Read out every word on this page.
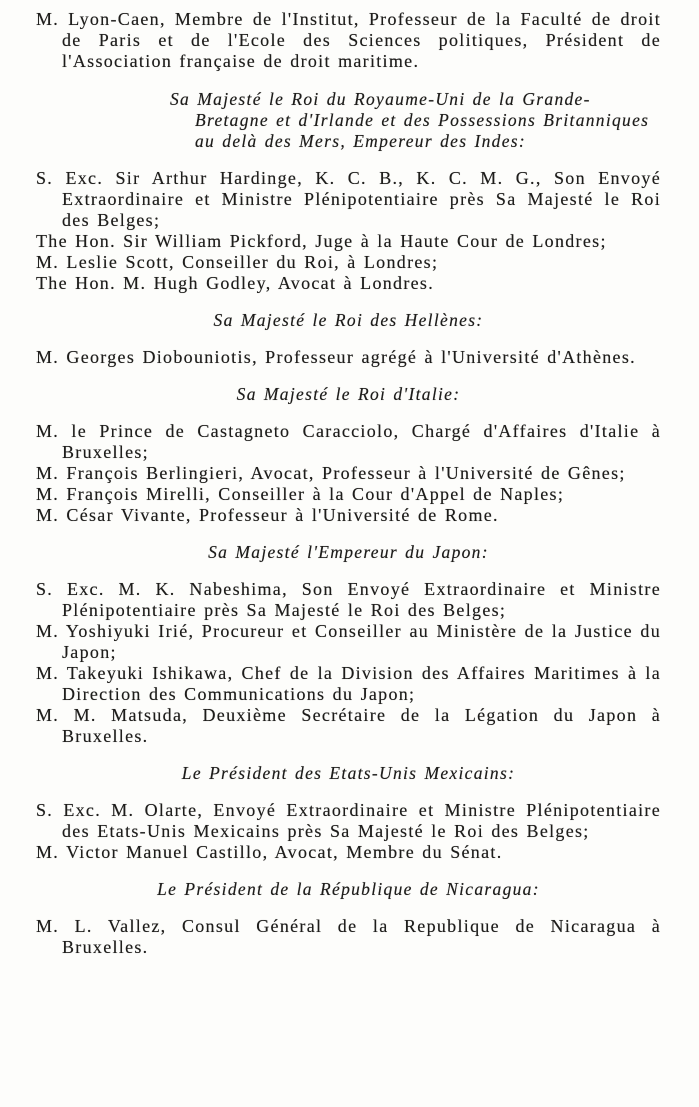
M. Lyon-Caen, Membre de l'Institut, Professeur de la Faculté de droit de Paris et de l'Ecole des Sciences politiques, Président de l'Association française de droit maritime.

Sa Majesté le Roi du Royaume-Uni de la Grande-Bretagne et d'Irlande et des Possessions Britanniques au delà des Mers, Empereur des Indes:

S. Exc. Sir Arthur Hardinge, K. C. B., K. C. M. G., Son Envoyé Extraordinaire et Ministre Plénipotentiaire près Sa Majesté le Roi des Belges;

The Hon. Sir William Pickford, Juge à la Haute Cour de Londres;

M. Leslie Scott, Conseiller du Roi, à Londres;

The Hon. M. Hugh Godley, Avocat à Londres.

Sa Majesté le Roi des Hellènes:

M. Georges Diobouniotis, Professeur agrégé à l'Université d'Athènes.

Sa Majesté le Roi d'Italie:

M. le Prince de Castagneto Caracciolo, Chargé d'Affaires d'Italie à Bruxelles;

M. François Berlingieri, Avocat, Professeur à l'Université de Gênes;

M. François Mirelli, Conseiller à la Cour d'Appel de Naples;

M. César Vivante, Professeur à l'Université de Rome.

Sa Majesté l'Empereur du Japon:

S. Exc. M. K. Nabeshima, Son Envoyé Extraordinaire et Ministre Plénipotentiaire près Sa Majesté le Roi des Belges;

M. Yoshiyuki Irié, Procureur et Conseiller au Ministère de la Justice du Japon;

M. Takeyuki Ishikawa, Chef de la Division des Affaires Maritimes à la Direction des Communications du Japon;

M. M. Matsuda, Deuxième Secrétaire de la Légation du Japon à Bruxelles.

Le Président des Etats-Unis Mexicains:

S. Exc. M. Olarte, Envoyé Extraordinaire et Ministre Plénipotentiaire des Etats-Unis Mexicains près Sa Majesté le Roi des Belges;

M. Victor Manuel Castillo, Avocat, Membre du Sénat.

Le Président de la République de Nicaragua:

M. L. Vallez, Consul Général de la Republique de Nicaragua à Bruxelles.
